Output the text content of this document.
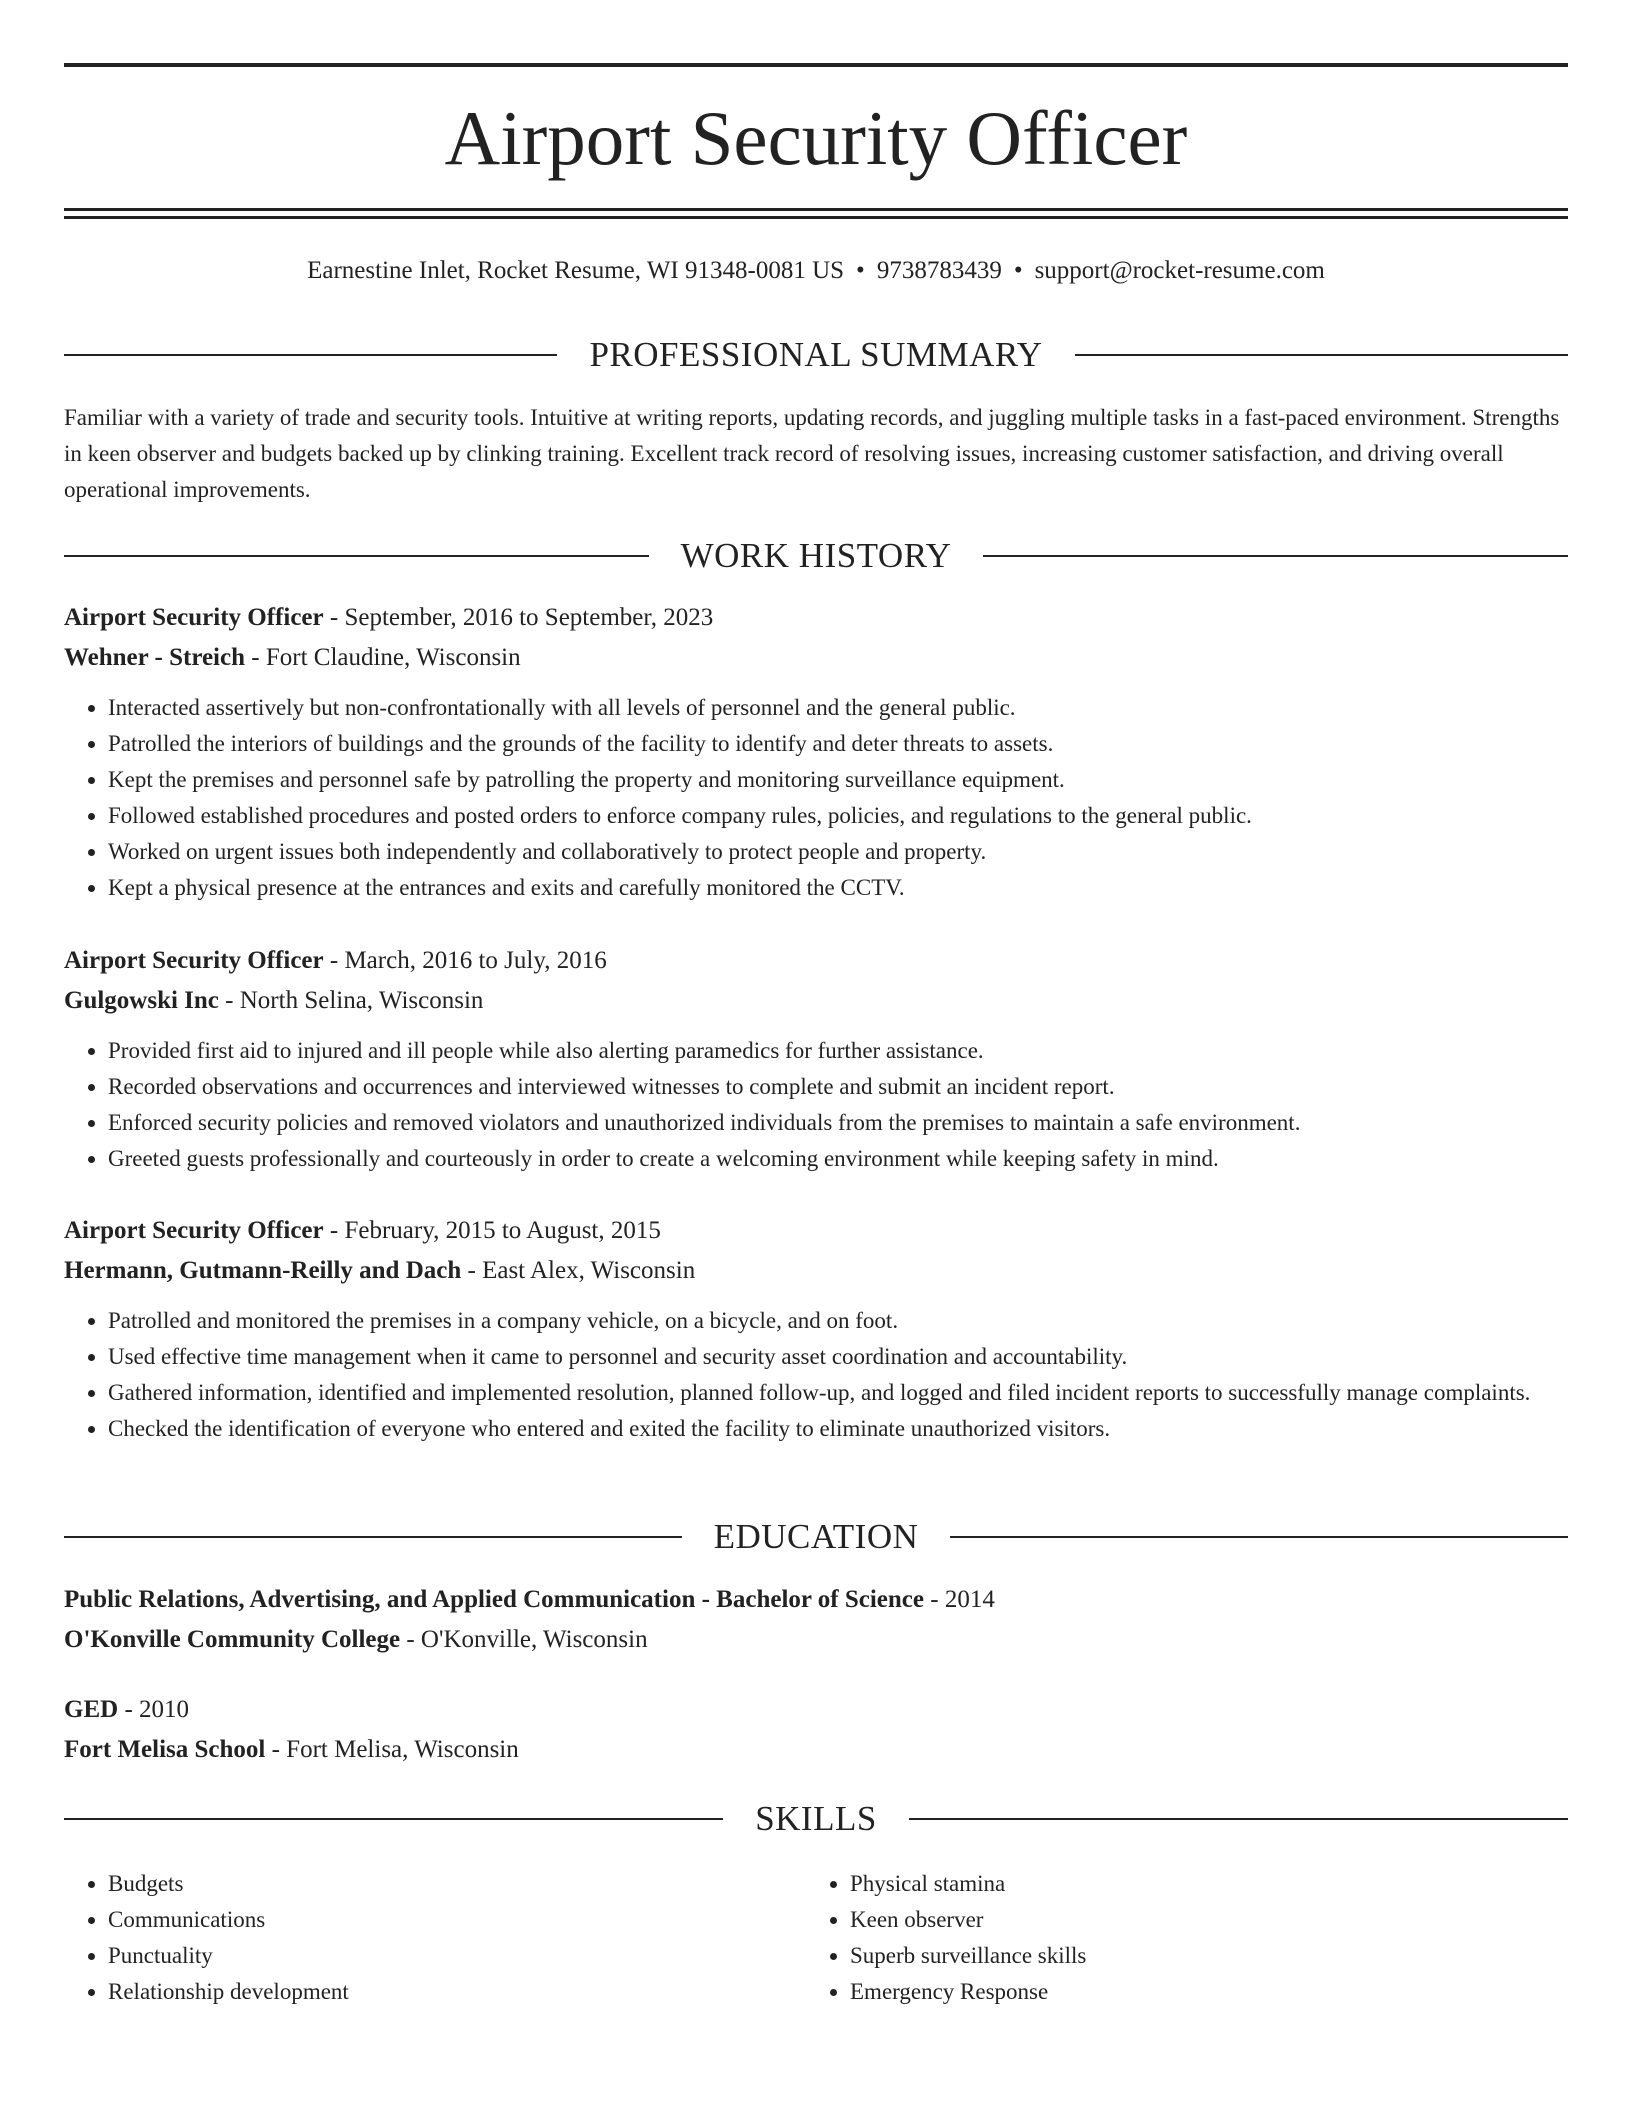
Airport Security Officer
Earnestine Inlet, Rocket Resume, WI 91348-0081 US • 9738783439 • support@rocket-resume.com
PROFESSIONAL SUMMARY

Familiar with a variety of trade and security tools. Intuitive at writing reports, updating records, and juggling multiple tasks in a fast-paced environment. Strengths in keen observer and budgets backed up by clinking training. Excellent track record of resolving issues, increasing customer satisfaction, and driving overall operational improvements.

WORK HISTORY
Airport Security Officer - September, 2016 to September, 2023
Wehner - Streich - Fort Claudine, Wisconsin
• Interacted assertively but non-confrontationally with all levels of personnel and the general public.
• Patrolled the interiors of buildings and the grounds of the facility to identify and deter threats to assets.
• Kept the premises and personnel safe by patrolling the property and monitoring surveillance equipment.
• Followed established procedures and posted orders to enforce company rules, policies, and regulations to the general public.
• Worked on urgent issues both independently and collaboratively to protect people and property.
• Kept a physical presence at the entrances and exits and carefully monitored the CCTV.
Airport Security Officer - March, 2016 to July, 2016
Gulgowski Inc - North Selina, Wisconsin
• Provided first aid to injured and ill people while also alerting paramedics for further assistance.
• Recorded observations and occurrences and interviewed witnesses to complete and submit an incident report.
• Enforced security policies and removed violators and unauthorized individuals from the premises to maintain a safe environment.
• Greeted guests professionally and courteously in order to create a welcoming environment while keeping safety in mind.
Airport Security Officer - February, 2015 to August, 2015
Hermann, Gutmann-Reilly and Dach - East Alex, Wisconsin
• Patrolled and monitored the premises in a company vehicle, on a bicycle, and on foot.
• Used effective time management when it came to personnel and security asset coordination and accountability.
• Gathered information, identified and implemented resolution, planned follow-up, and logged and filed incident reports to successfully manage complaints.
• Checked the identification of everyone who entered and exited the facility to eliminate unauthorized visitors.
EDUCATION
Public Relations, Advertising, and Applied Communication - Bachelor of Science - 2014
O'Konville Community College - O'Konville, Wisconsin
GED - 2010
Fort Melisa School - Fort Melisa, Wisconsin
SKILLS
• Budgets
• Communications
• Punctuality
• Relationship development
• Physical stamina
• Keen observer
• Superb surveillance skills
• Emergency Response
